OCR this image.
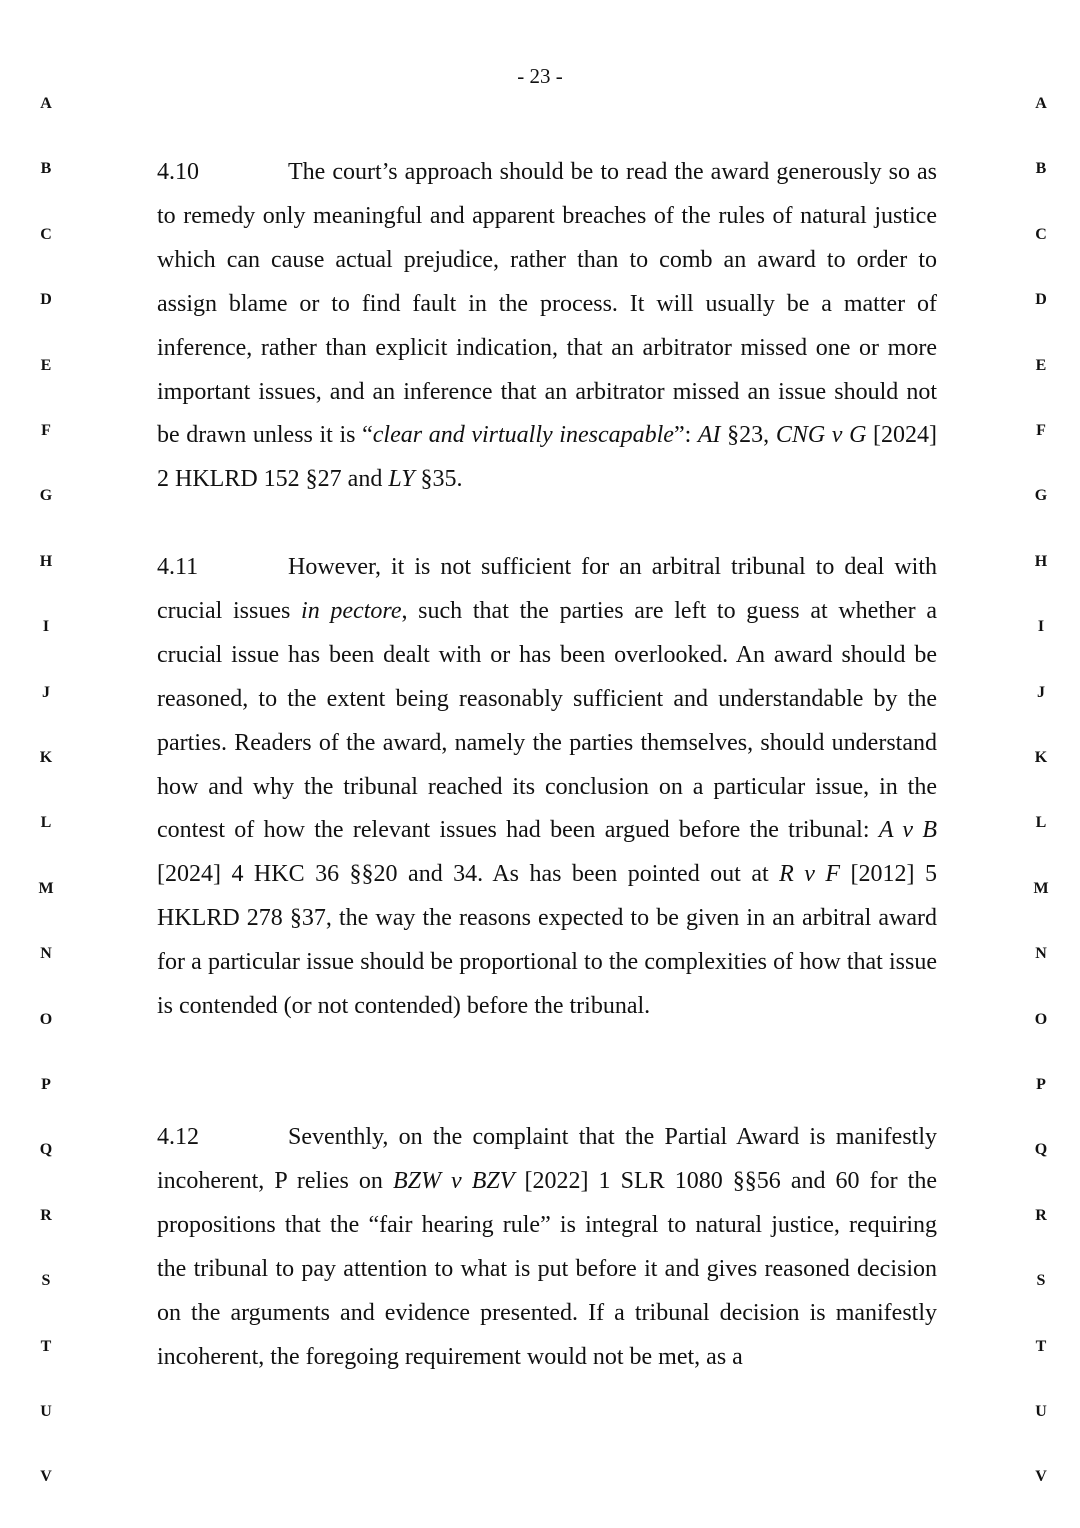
- 23 -
A
B
C
D
E
F
G
H
I
J
K
L
M
N
O
P
Q
R
S
T
U
V
A
B
C
D
E
F
G
H
I
J
K
L
M
N
O
P
Q
R
S
T
U
V
4.10	The court’s approach should be to read the award generously so as to remedy only meaningful and apparent breaches of the rules of natural justice which can cause actual prejudice, rather than to comb an award to order to assign blame or to find fault in the process. It will usually be a matter of inference, rather than explicit indication, that an arbitrator missed one or more important issues, and an inference that an arbitrator missed an issue should not be drawn unless it is “clear and virtually inescapable”: AI §23, CNG v G [2024] 2 HKLRD 152 §27 and LY §35.
4.11	However, it is not sufficient for an arbitral tribunal to deal with crucial issues in pectore, such that the parties are left to guess at whether a crucial issue has been dealt with or has been overlooked. An award should be reasoned, to the extent being reasonably sufficient and understandable by the parties. Readers of the award, namely the parties themselves, should understand how and why the tribunal reached its conclusion on a particular issue, in the contest of how the relevant issues had been argued before the tribunal: A v B [2024] 4 HKC 36 §§20 and 34. As has been pointed out at R v F [2012] 5 HKLRD 278 §37, the way the reasons expected to be given in an arbitral award for a particular issue should be proportional to the complexities of how that issue is contended (or not contended) before the tribunal.
4.12	Seventhly, on the complaint that the Partial Award is manifestly incoherent, P relies on BZW v BZV [2022] 1 SLR 1080 §§56 and 60 for the propositions that the “fair hearing rule” is integral to natural justice, requiring the tribunal to pay attention to what is put before it and gives reasoned decision on the arguments and evidence presented. If a tribunal decision is manifestly incoherent, the foregoing requirement would not be met, as a
